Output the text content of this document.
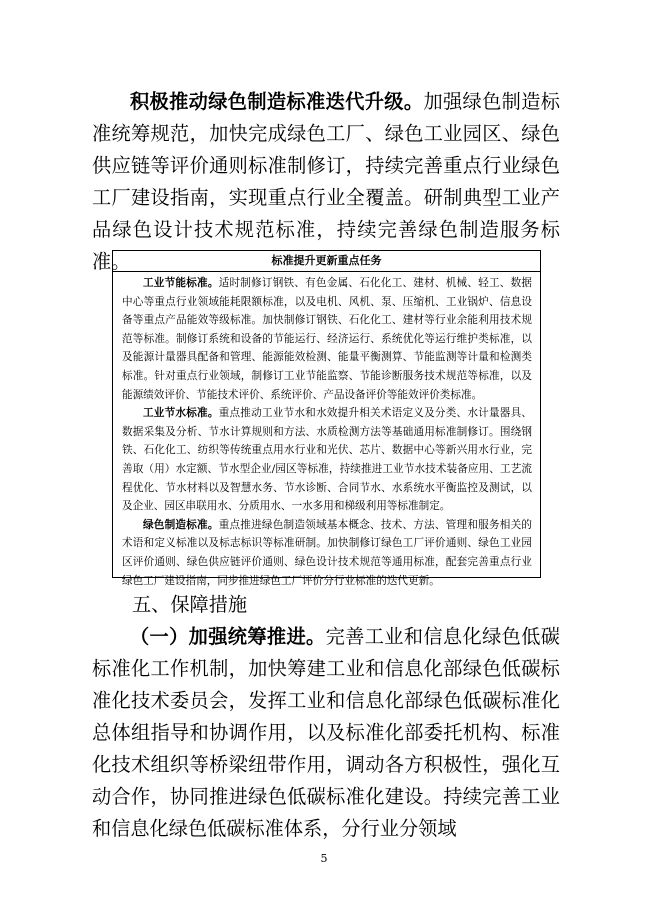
积极推动绿色制造标准迭代升级。加强绿色制造标准统筹规范，加快完成绿色工厂、绿色工业园区、绿色供应链等评价通则标准制修订，持续完善重点行业绿色工厂建设指南，实现重点行业全覆盖。研制典型工业产品绿色设计技术规范标准，持续完善绿色制造服务标准。	标准提升更新重点任务

工业节能标准。适时制修订钢铁、有色金属、石化化工、建材、机械、轻工、数据中心等重点行业领域能耗限额标准，以及电机、风机、泵、压缩机、工业锅炉、信息设备等重点产品能效等级标准。加快制修订钢铁、石化化工、建材等行业余能利用技术规范等标准。制修订系统和设备的节能运行、经济运行、系统优化等运行维护类标准，以及能源计量器具配备和管理、能源能效检测、能量平衡测算、节能监测等计量和检测类标准。针对重点行业领域，制修订工业节能监察、节能诊断服务技术规范等标准，以及能源绩效评价、节能技术评价、系统评价、产品设备评价等能效评价类标准。

工业节水标准。重点推动工业节水和水效提升相关术语定义及分类、水计量器具、数据采集及分析、节水计算规则和方法、水质检测方法等基础通用标准制修订。围绕钢铁、石化化工、纺织等传统重点用水行业和光伏、芯片、数据中心等新兴用水行业，完善取（用）水定额、节水型企业/园区等标准，持续推进工业节水技术装备应用、工艺流程优化、节水材料以及智慧水务、节水诊断、合同节水、水系统水平衡监控及测试，以及企业、园区串联用水、分质用水、一水多用和梯级利用等标准制定。

绿色制造标准。重点推进绿色制造领域基本概念、技术、方法、管理和服务相关的术语和定义标准以及标志标识等标准研制。加快制修订绿色工厂评价通则、绿色工业园区评价通则、绿色供应链评价通则、绿色设计技术规范等通用标准，配套完善重点行业绿色工厂建设指南，同步推进绿色工厂评价分行业标准的迭代更新。

五、保障措施

（一）加强统筹推进。完善工业和信息化绿色低碳标准化工作机制，加快筹建工业和信息化部绿色低碳标准化技术委员会，发挥工业和信息化部绿色低碳标准化总体组指导和协调作用，以及标准化部委托机构、标准化技术组织等桥梁纽带作用，调动各方积极性，强化互动合作，协同推进绿色低碳标准化建设。持续完善工业和信息化绿色低碳标准体系，分行业分领域

5
